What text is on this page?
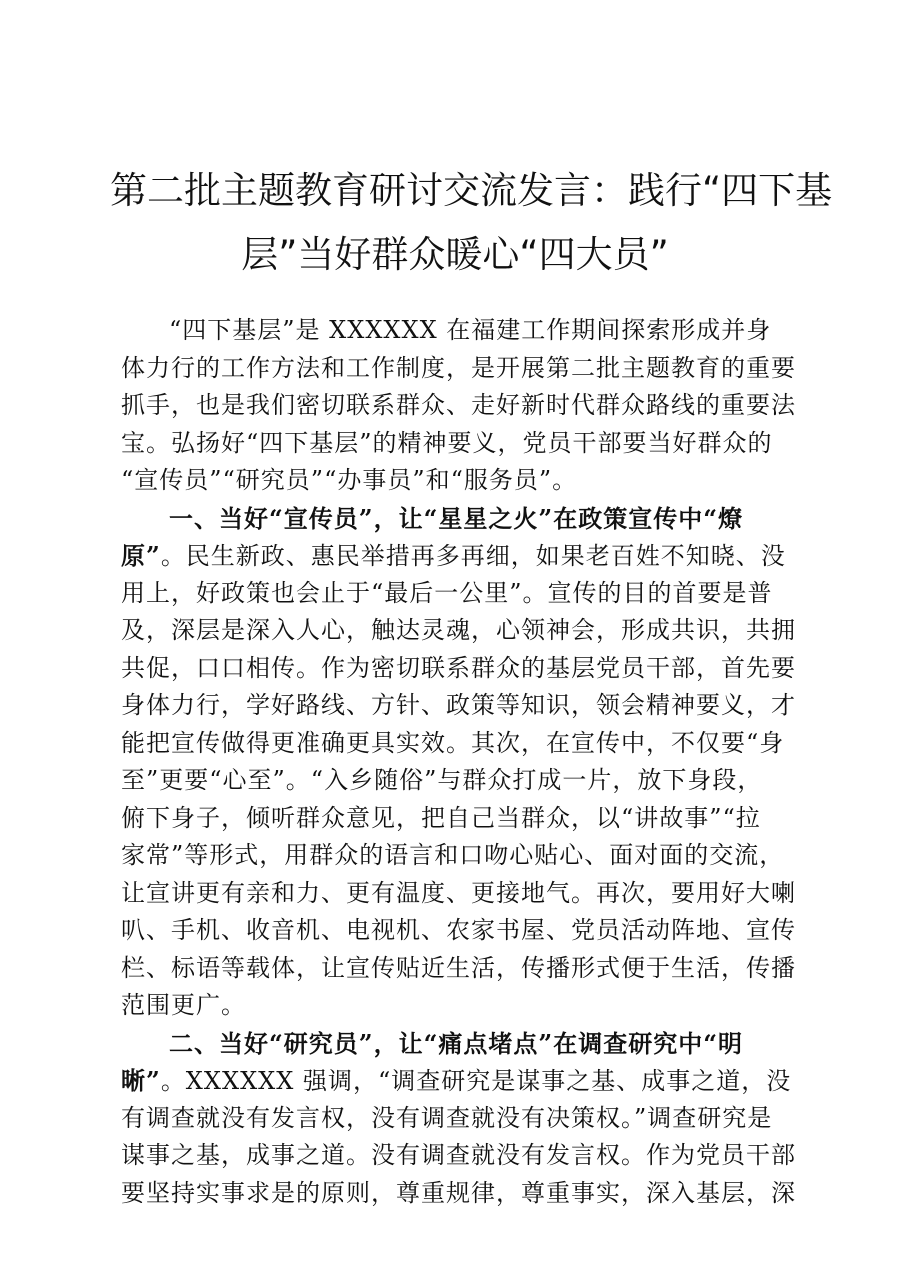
第二批主题教育研讨交流发言：践行“四下基
层”当好群众暖心“四大员”
“四下基层”是 XXXXXX 在福建工作期间探索形成并身
体力行的工作方法和工作制度，是开展第二批主题教育的重要
抓手，也是我们密切联系群众、走好新时代群众路线的重要法
宝。弘扬好“四下基层”的精神要义，党员干部要当好群众的
“宣传员”“研究员”“办事员”和“服务员”。
一、当好“宣传员”，让“星星之火”在政策宣传中“燎
原”。民生新政、惠民举措再多再细，如果老百姓不知晓、没
用上，好政策也会止于“最后一公里”。宣传的目的首要是普
及，深层是深入人心，触达灵魂，心领神会，形成共识，共拥
共促，口口相传。作为密切联系群众的基层党员干部，首先要
身体力行，学好路线、方针、政策等知识，领会精神要义，才
能把宣传做得更准确更具实效。其次，在宣传中，不仅要“身
至”更要“心至”。“入乡随俗”与群众打成一片，放下身段，
俯下身子，倾听群众意见，把自己当群众，以“讲故事”“拉
家常”等形式，用群众的语言和口吻心贴心、面对面的交流，
让宣讲更有亲和力、更有温度、更接地气。再次，要用好大喇
叭、手机、收音机、电视机、农家书屋、党员活动阵地、宣传
栏、标语等载体，让宣传贴近生活，传播形式便于生活，传播
范围更广。
二、当好“研究员”，让“痛点堵点”在调查研究中“明
晰”。XXXXXX 强调，“调查研究是谋事之基、成事之道，没
有调查就没有发言权，没有调查就没有决策权。”调查研究是
谋事之基，成事之道。没有调查就没有发言权。作为党员干部
要坚持实事求是的原则，尊重规律，尊重事实，深入基层，深
